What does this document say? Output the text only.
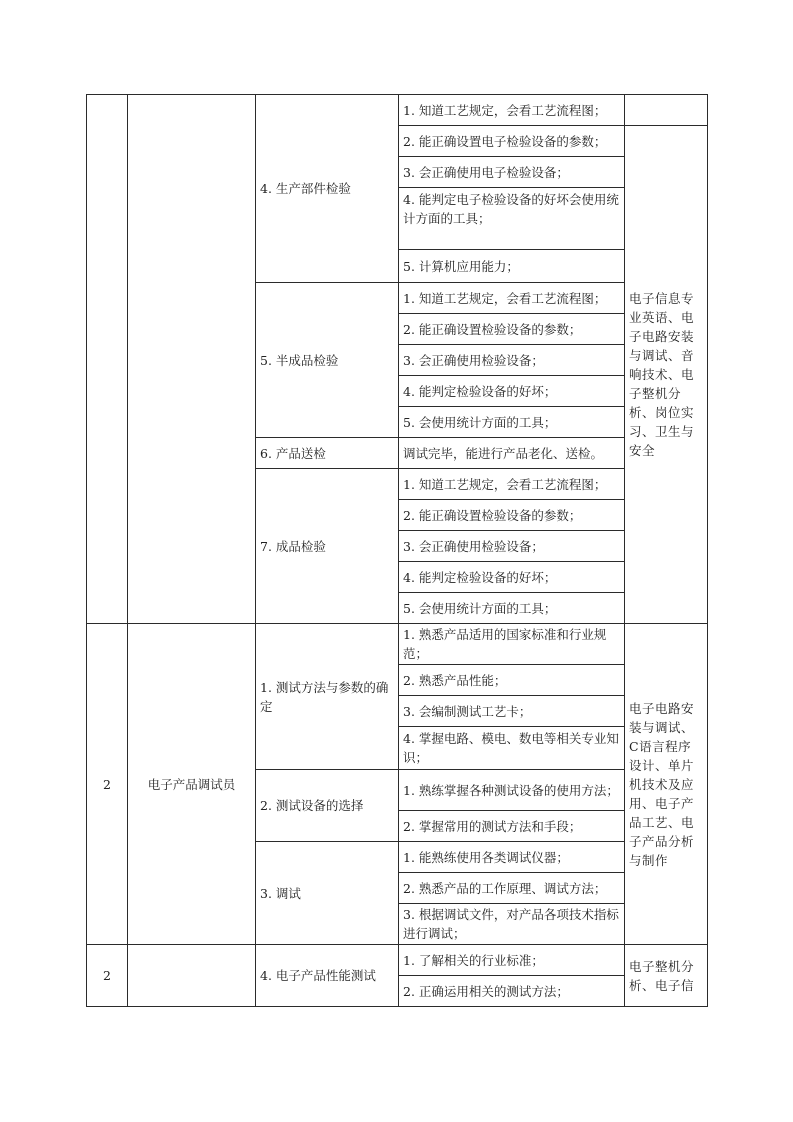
		4. 生产部件检验	1. 知道工艺规定，会看工艺流程图；	
			2. 能正确设置电子检验设备的参数；	电子信息专业英语、电子电路安装与调试、音响技术、电子整机分析、岗位实习、卫生与安全
			3. 会正确使用电子检验设备；	
			4. 能判定电子检验设备的好坏会使用统计方面的工具；	

			5. 计算机应用能力；	
		5. 半成品检验	1. 知道工艺规定，会看工艺流程图；	
			2. 能正确设置检验设备的参数；	
			3. 会正确使用检验设备；	
			4. 能判定检验设备的好坏；	
			5. 会使用统计方面的工具；	
		6. 产品送检	调试完毕，能进行产品老化、送检。	
		7. 成品检验	1. 知道工艺规定，会看工艺流程图；	
			2. 能正确设置检验设备的参数；	
			3. 会正确使用检验设备；	
			4. 能判定检验设备的好坏；	
			5. 会使用统计方面的工具；	
2	电子产品调试员	1. 测试方法与参数的确定	1. 熟悉产品适用的国家标准和行业规范；	电子电路安装与调试、C语言程序设计、单片机技术及应用、电子产品工艺、电子产品分析与制作
			2. 熟悉产品性能；	
			3. 会编制测试工艺卡；	
			4. 掌握电路、模电、数电等相关专业知识；	
		2. 测试设备的选择	1. 熟练掌握各种测试设备的使用方法；	
			2. 掌握常用的测试方法和手段；	
		3. 调试	1. 能熟练使用各类调试仪器；	
			2. 熟悉产品的工作原理、调试方法；	
			3. 根据调试文件，对产品各项技术指标进行调试；	
2		4. 电子产品性能测试	1. 了解相关的行业标准；	电子整机分析、电子信
			2. 正确运用相关的测试方法；	
